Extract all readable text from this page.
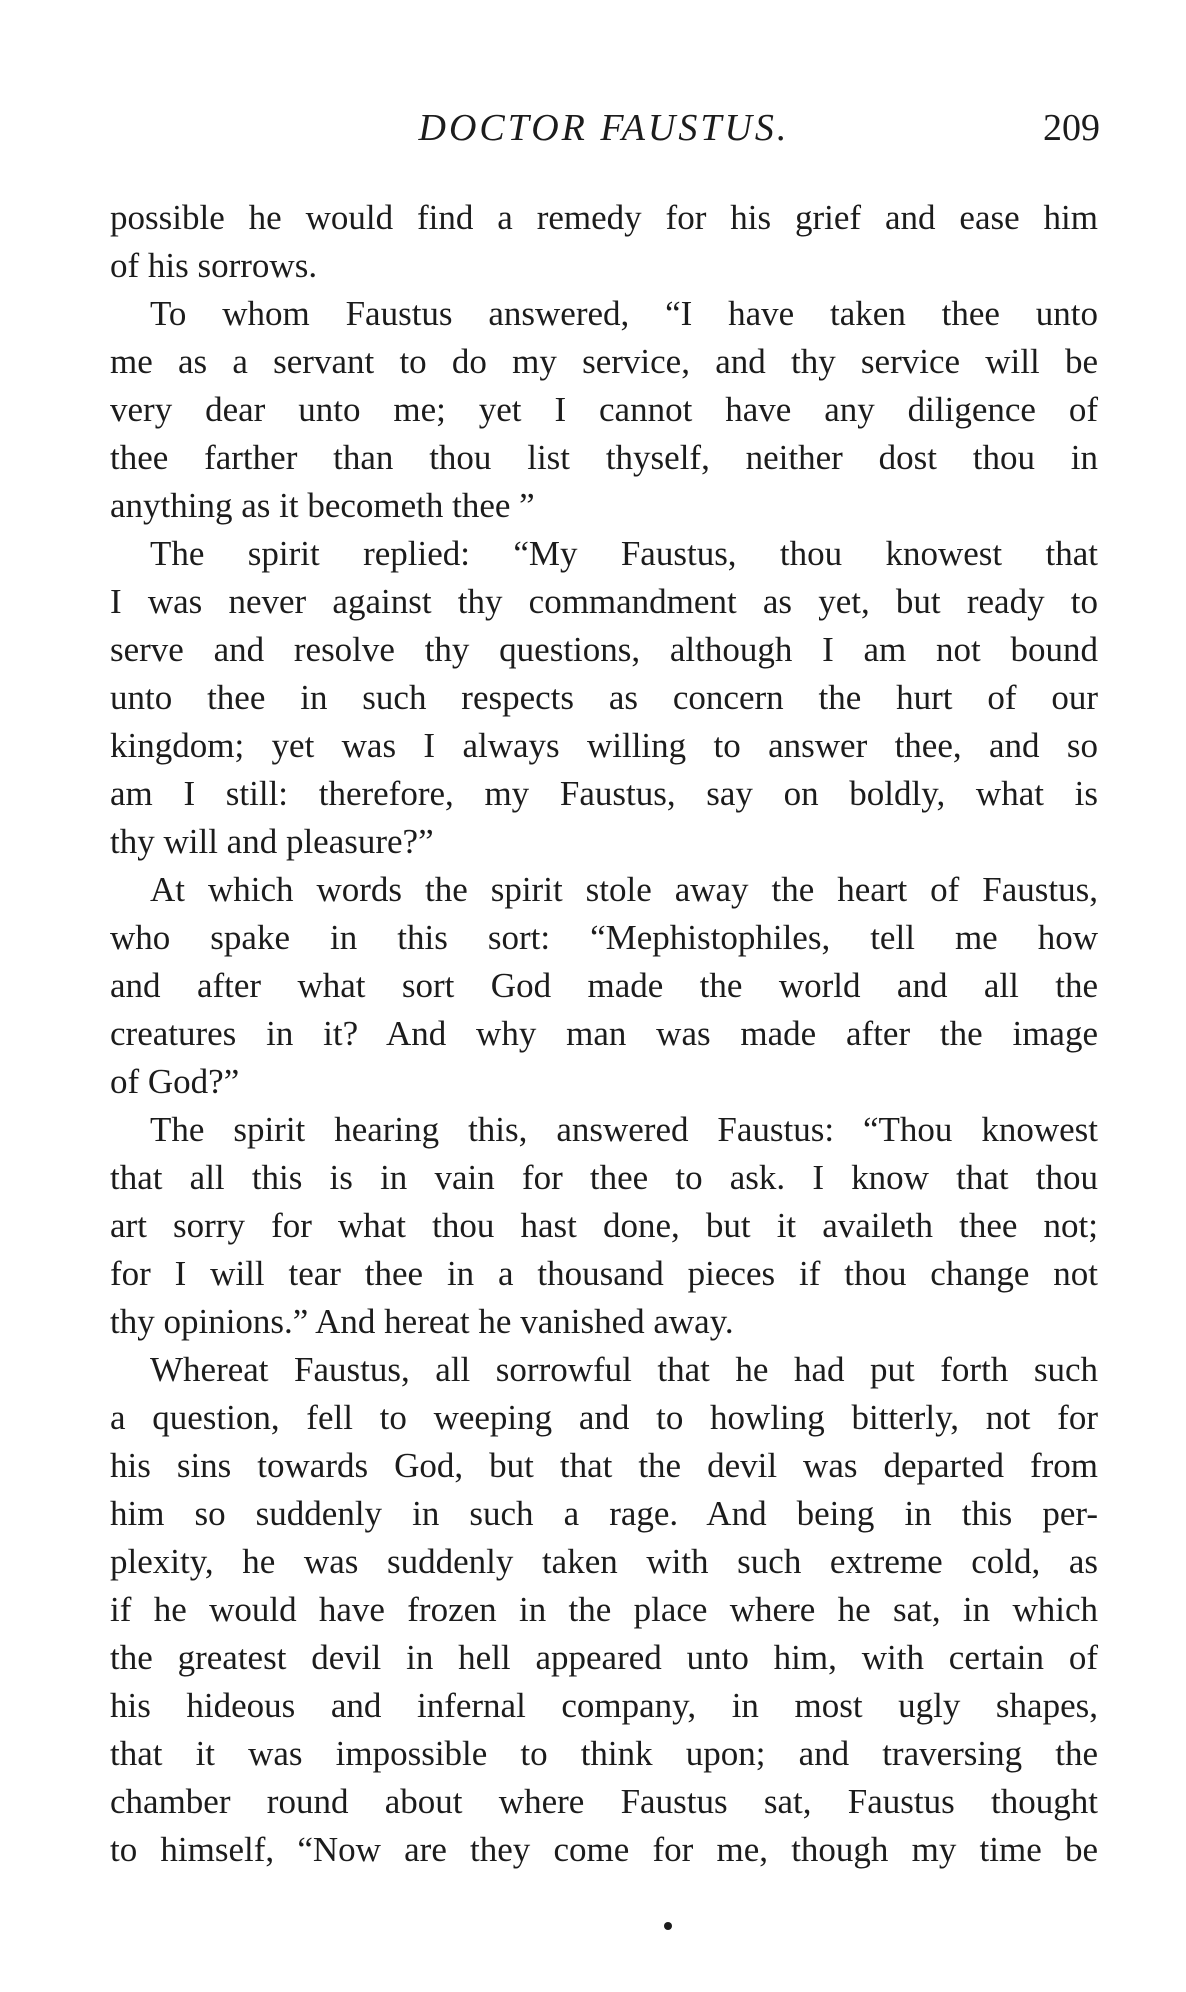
DOCTOR FAUSTUS.	209
possible he would find a remedy for his grief and ease him
of his sorrows.
To whom Faustus answered, “I have taken thee unto
me as a servant to do my service, and thy service will be
very dear unto me; yet I cannot have any diligence of
thee farther than thou list thyself, neither dost thou in
anything as it becometh thee ”
The spirit replied: “My Faustus, thou knowest that
I was never against thy commandment as yet, but ready to
serve and resolve thy questions, although I am not bound
unto thee in such respects as concern the hurt of our
kingdom; yet was I always willing to answer thee, and so
am I still: therefore, my Faustus, say on boldly, what is
thy will and pleasure?”
At which words the spirit stole away the heart of Faustus,
who spake in this sort: “Mephistophiles, tell me how
and after what sort God made the world and all the
creatures in it? And why man was made after the image
of God?”
The spirit hearing this, answered Faustus: “Thou knowest
that all this is in vain for thee to ask. I know that thou
art sorry for what thou hast done, but it availeth thee not;
for I will tear thee in a thousand pieces if thou change not
thy opinions.” And hereat he vanished away.
Whereat Faustus, all sorrowful that he had put forth such
a question, fell to weeping and to howling bitterly, not for
his sins towards God, but that the devil was departed from
him so suddenly in such a rage. And being in this per-
plexity, he was suddenly taken with such extreme cold, as
if he would have frozen in the place where he sat, in which
the greatest devil in hell appeared unto him, with certain of
his hideous and infernal company, in most ugly shapes,
that it was impossible to think upon; and traversing the
chamber round about where Faustus sat, Faustus thought
to himself, “Now are they come for me, though my time be
